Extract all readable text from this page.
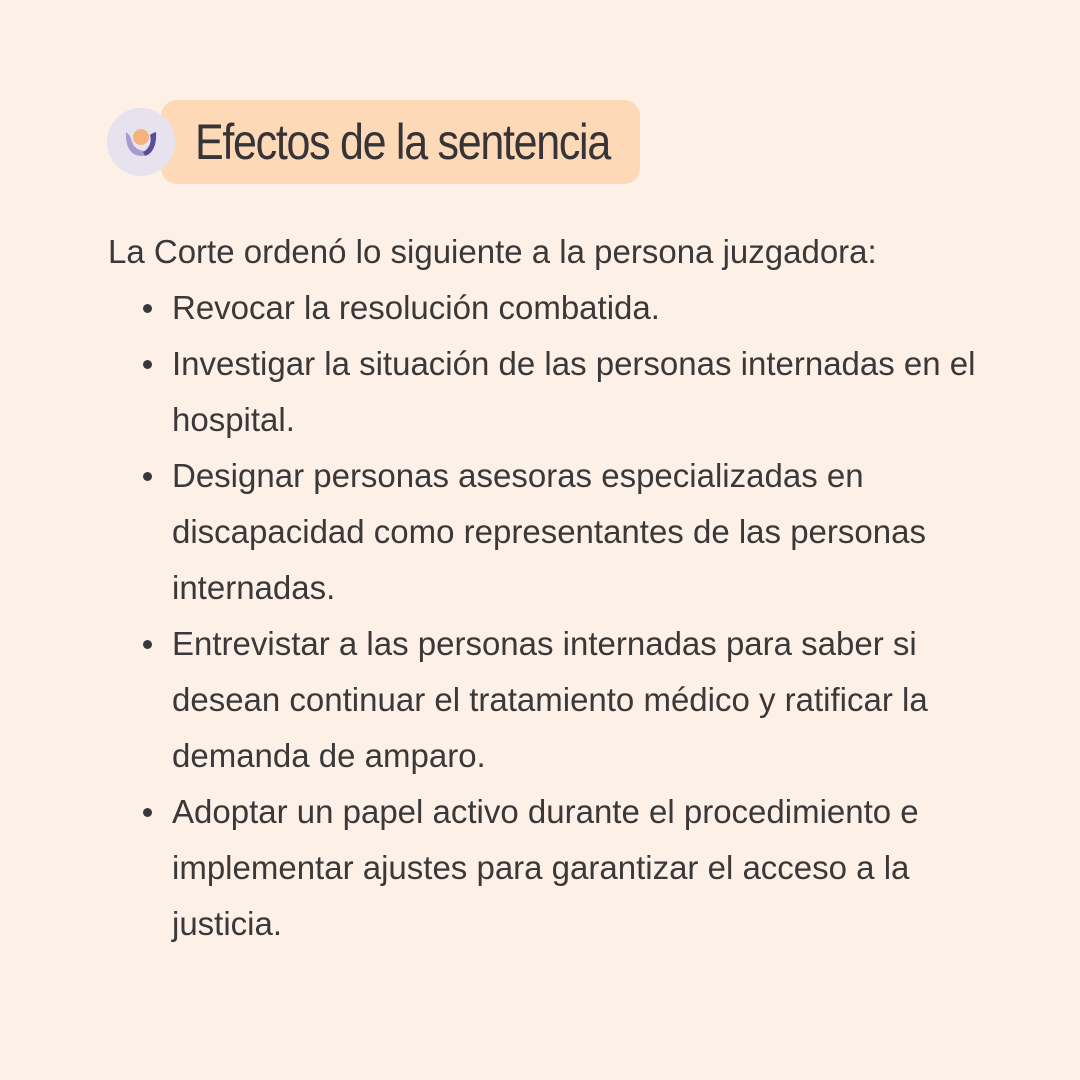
Efectos de la sentencia

La Corte ordenó lo siguiente a la persona juzgadora:

Revocar la resolución combatida.
Investigar la situación de las personas internadas en el hospital.
Designar personas asesoras especializadas en discapacidad como representantes de las personas internadas.
Entrevistar a las personas internadas para saber si desean continuar el tratamiento médico y ratificar la demanda de amparo.
Adoptar un papel activo durante el procedimiento e implementar ajustes para garantizar el acceso a la justicia.
